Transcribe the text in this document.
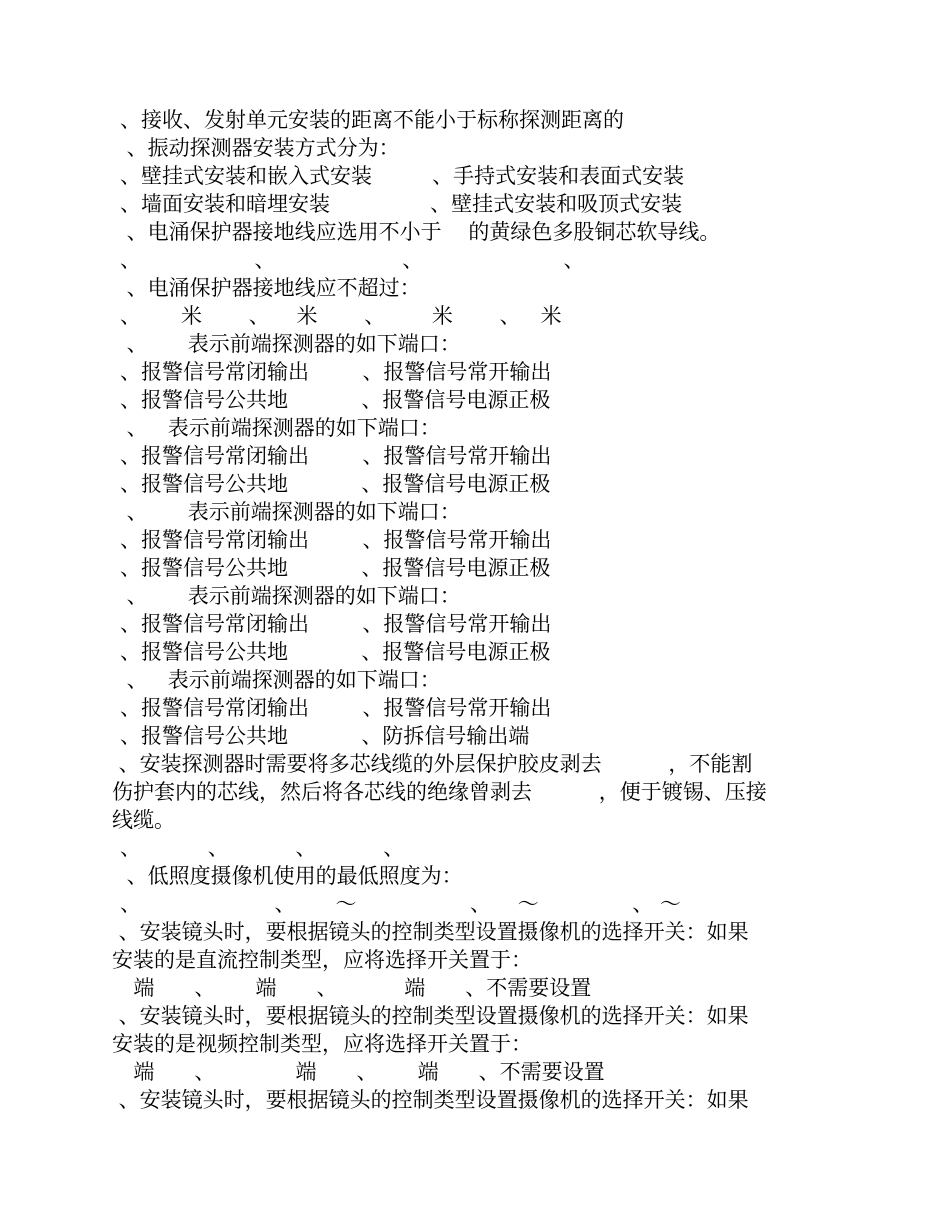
、接收、发射单元安装的距离不能小于标称探测距离的
、振动探测器安装方式分为：
、壁挂式安装和嵌入式安装         、手持式安装和表面式安装
、墙面安装和暗埋安装               、壁挂式安装和吸顶式安装
、电涌保护器接地线应选用不小于    的黄绿色多股铜芯软导线。
、                 、                   、                     、
、电涌保护器接地线应不超过：
、      米       、    米       、       米       、   米
、      表示前端探测器的如下端口：
、报警信号常闭输出        、报警信号常开输出
、报警信号公共地           、报警信号电源正极
、   表示前端探测器的如下端口：
、报警信号常闭输出        、报警信号常开输出
、报警信号公共地           、报警信号电源正极
、      表示前端探测器的如下端口：
、报警信号常闭输出        、报警信号常开输出
、报警信号公共地           、报警信号电源正极
、      表示前端探测器的如下端口：
、报警信号常闭输出        、报警信号常开输出
、报警信号公共地           、报警信号电源正极
、   表示前端探测器的如下端口：
、报警信号常闭输出        、报警信号常开输出
、报警信号公共地           、防拆信号输出端
、安装探测器时需要将多芯线缆的外层保护胶皮剥去          ，不能割
伤护套内的芯线，然后将各芯线的绝缘曾剥去          ，便于镀锡、压接
线缆。
、          、          、          、
、低照度摄像机使用的最低照度为：
、                    、      ～                 、    ～              、 ～
、安装镜头时，要根据镜头的控制类型设置摄像机的选择开关：如果
安装的是直流控制类型，应将选择开关置于：
端      、      端      、          端      、不需要设置
、安装镜头时，要根据镜头的控制类型设置摄像机的选择开关：如果
安装的是视频控制类型，应将选择开关置于：
端      、            端      、      端      、不需要设置
、安装镜头时，要根据镜头的控制类型设置摄像机的选择开关：如果
